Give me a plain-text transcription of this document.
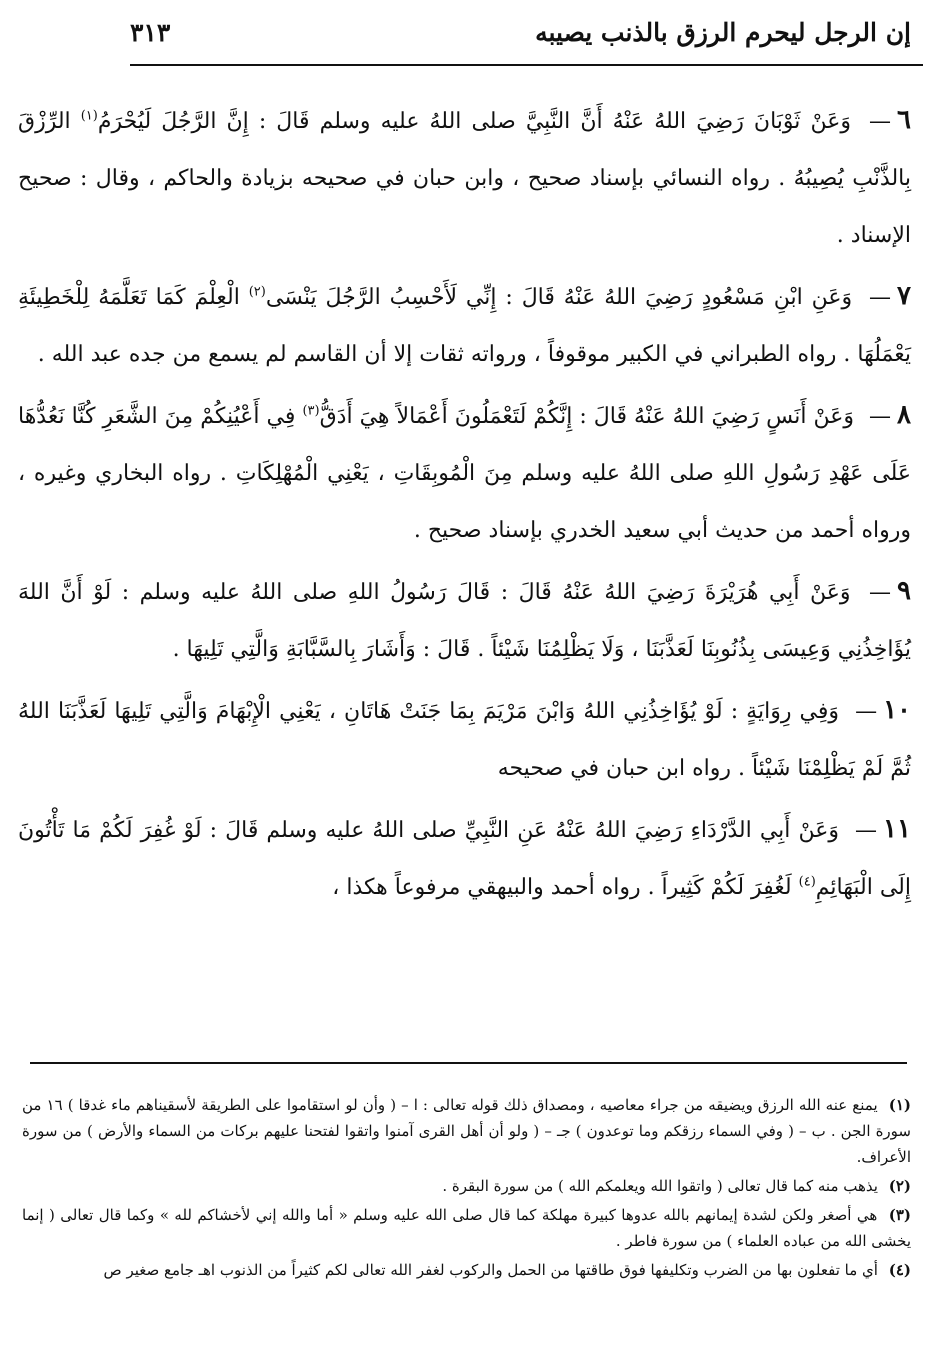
إن الرجل ليحرم الرزق بالذنب يصيبه
٣١٣

٦— وَعَنْ ثَوْبَانَ رَضِيَ اللهُ عَنْهُ أَنَّ النَّبِيَّ صلى اللهُ عليه وسلم قَالَ : إِنَّ الرَّجُلَ لَيُحْرَمُ$^{(١)}$ الرِّزْقَ بِالذَّنْبِ يُصِيبُهُ . رواه النسائي بإسناد صحيح ، وابن حبان في صحيحه بزيادة والحاكم ، وقال : صحيح الإسناد .

٧— وَعَنِ ابْنِ مَسْعُودٍ رَضِيَ اللهُ عَنْهُ قَالَ : إِنِّي لَأَحْسِبُ الرَّجُلَ يَنْسَى$^{(٢)}$ الْعِلْمَ كَمَا تَعَلَّمَهُ لِلْخَطِيئَةِ يَعْمَلُهَا . رواه الطبراني في الكبير موقوفاً ، ورواته ثقات إلا أن القاسم لم يسمع من جده عبد الله .

٨— وَعَنْ أَنَسٍ رَضِيَ اللهُ عَنْهُ قَالَ : إِنَّكُمْ لَتَعْمَلُونَ أَعْمَالاً هِيَ أَدَقُّ$^{(٣)}$ فِي أَعْيُنِكُمْ مِنَ الشَّعَرِ كُنَّا نَعُدُّهَا عَلَى عَهْدِ رَسُولِ اللهِ صلى اللهُ عليه وسلم مِنَ الْمُوبِقَاتِ ، يَعْنِي الْمُهْلِكَاتِ . رواه البخاري وغيره ، ورواه أحمد من حديث أبي سعيد الخدري بإسناد صحيح .

٩— وَعَنْ أَبِي هُرَيْرَةَ رَضِيَ اللهُ عَنْهُ قَالَ : قَالَ رَسُولُ اللهِ صلى اللهُ عليه وسلم : لَوْ أَنَّ اللهَ يُؤَاخِذُنِي وَعِيسَى بِذُنُوبِنَا لَعَذَّبَنَا ، وَلَا يَظْلِمُنَا شَيْئاً . قَالَ : وَأَشَارَ بِالسَّبَّابَةِ وَالَّتِي تَلِيهَا .

١٠— وَفِي رِوَايَةٍ : لَوْ يُؤَاخِذُنِي اللهُ وَابْنَ مَرْيَمَ بِمَا جَنَتْ هَاتَانِ ، يَعْنِي الْإِبْهَامَ وَالَّتِي تَلِيهَا لَعَذَّبَنَا اللهُ ثُمَّ لَمْ يَظْلِمْنَا شَيْئاً . رواه ابن حبان في صحيحه

١١— وَعَنْ أَبِي الدَّرْدَاءِ رَضِيَ اللهُ عَنْهُ عَنِ النَّبِيِّ صلى اللهُ عليه وسلم قَالَ : لَوْ غُفِرَ لَكُمْ مَا تَأْتُونَ إِلَى الْبَهَائِمِ$^{(٤)}$ لَغُفِرَ لَكُمْ كَثِيراً . رواه أحمد والبيهقي مرفوعاً هكذا ،

(١) يمنع عنه الله الرزق ويضيقه من جراء معاصيه ، ومصداق ذلك قوله تعالى : ا – ( وأن لو استقاموا على الطريقة لأسقيناهم ماء غدقا ) ١٦ من سورة الجن . ب – ( وفي السماء رزقكم وما توعدون ) جـ – ( ولو أن أهل القرى آمنوا واتقوا لفتحنا عليهم بركات من السماء والأرض ) من سورة الأعراف.

(٢) يذهب منه كما قال تعالى ( واتقوا الله ويعلمكم الله ) من سورة البقرة .

(٣) هي أصغر ولكن لشدة إيمانهم بالله عدوها كبيرة مهلكة كما قال صلى الله عليه وسلم « أما والله إني لأخشاكم لله » وكما قال تعالى ( إنما يخشى الله من عباده العلماء ) من سورة فاطر .

(٤) أي ما تفعلون بها من الضرب وتكليفها فوق طاقتها من الحمل والركوب لغفر الله تعالى لكم كثيراً من الذنوب اهـ جامع صغير ص
